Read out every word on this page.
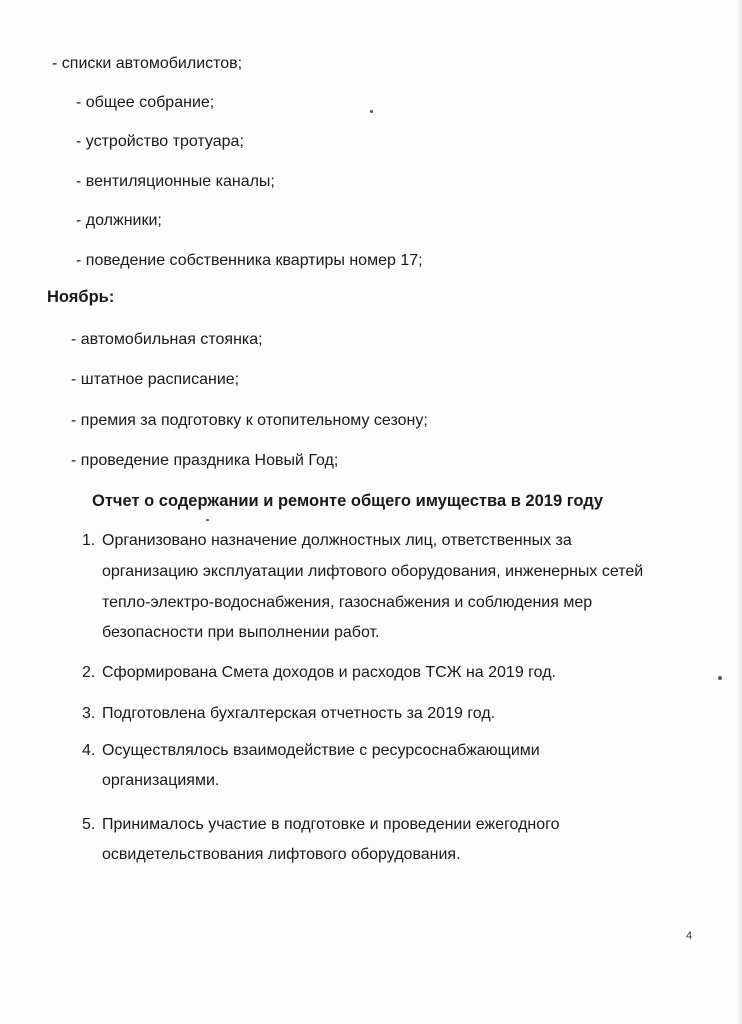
- списки автомобилистов;
- общее собрание;
- устройство тротуара;
- вентиляционные каналы;
- должники;
- поведение собственника квартиры номер 17;
Ноябрь:
- автомобильная стоянка;
- штатное расписание;
- премия за подготовку к отопительному сезону;
- проведение праздника Новый Год;
Отчет о содержании и ремонте общего имущества в 2019 году
1. Организовано назначение должностных лиц, ответственных за
организацию эксплуатации лифтового оборудования, инженерных сетей
тепло-электро-водоснабжения, газоснабжения и соблюдения мер
безопасности при выполнении работ.
2. Сформирована Смета доходов и расходов ТСЖ на 2019 год.
3. Подготовлена бухгалтерская отчетность за 2019 год.
4. Осуществлялось взаимодействие с ресурсоснабжающими
организациями.
5. Принималось участие в подготовке и проведении ежегодного
освидетельствования лифтового оборудования.
4
